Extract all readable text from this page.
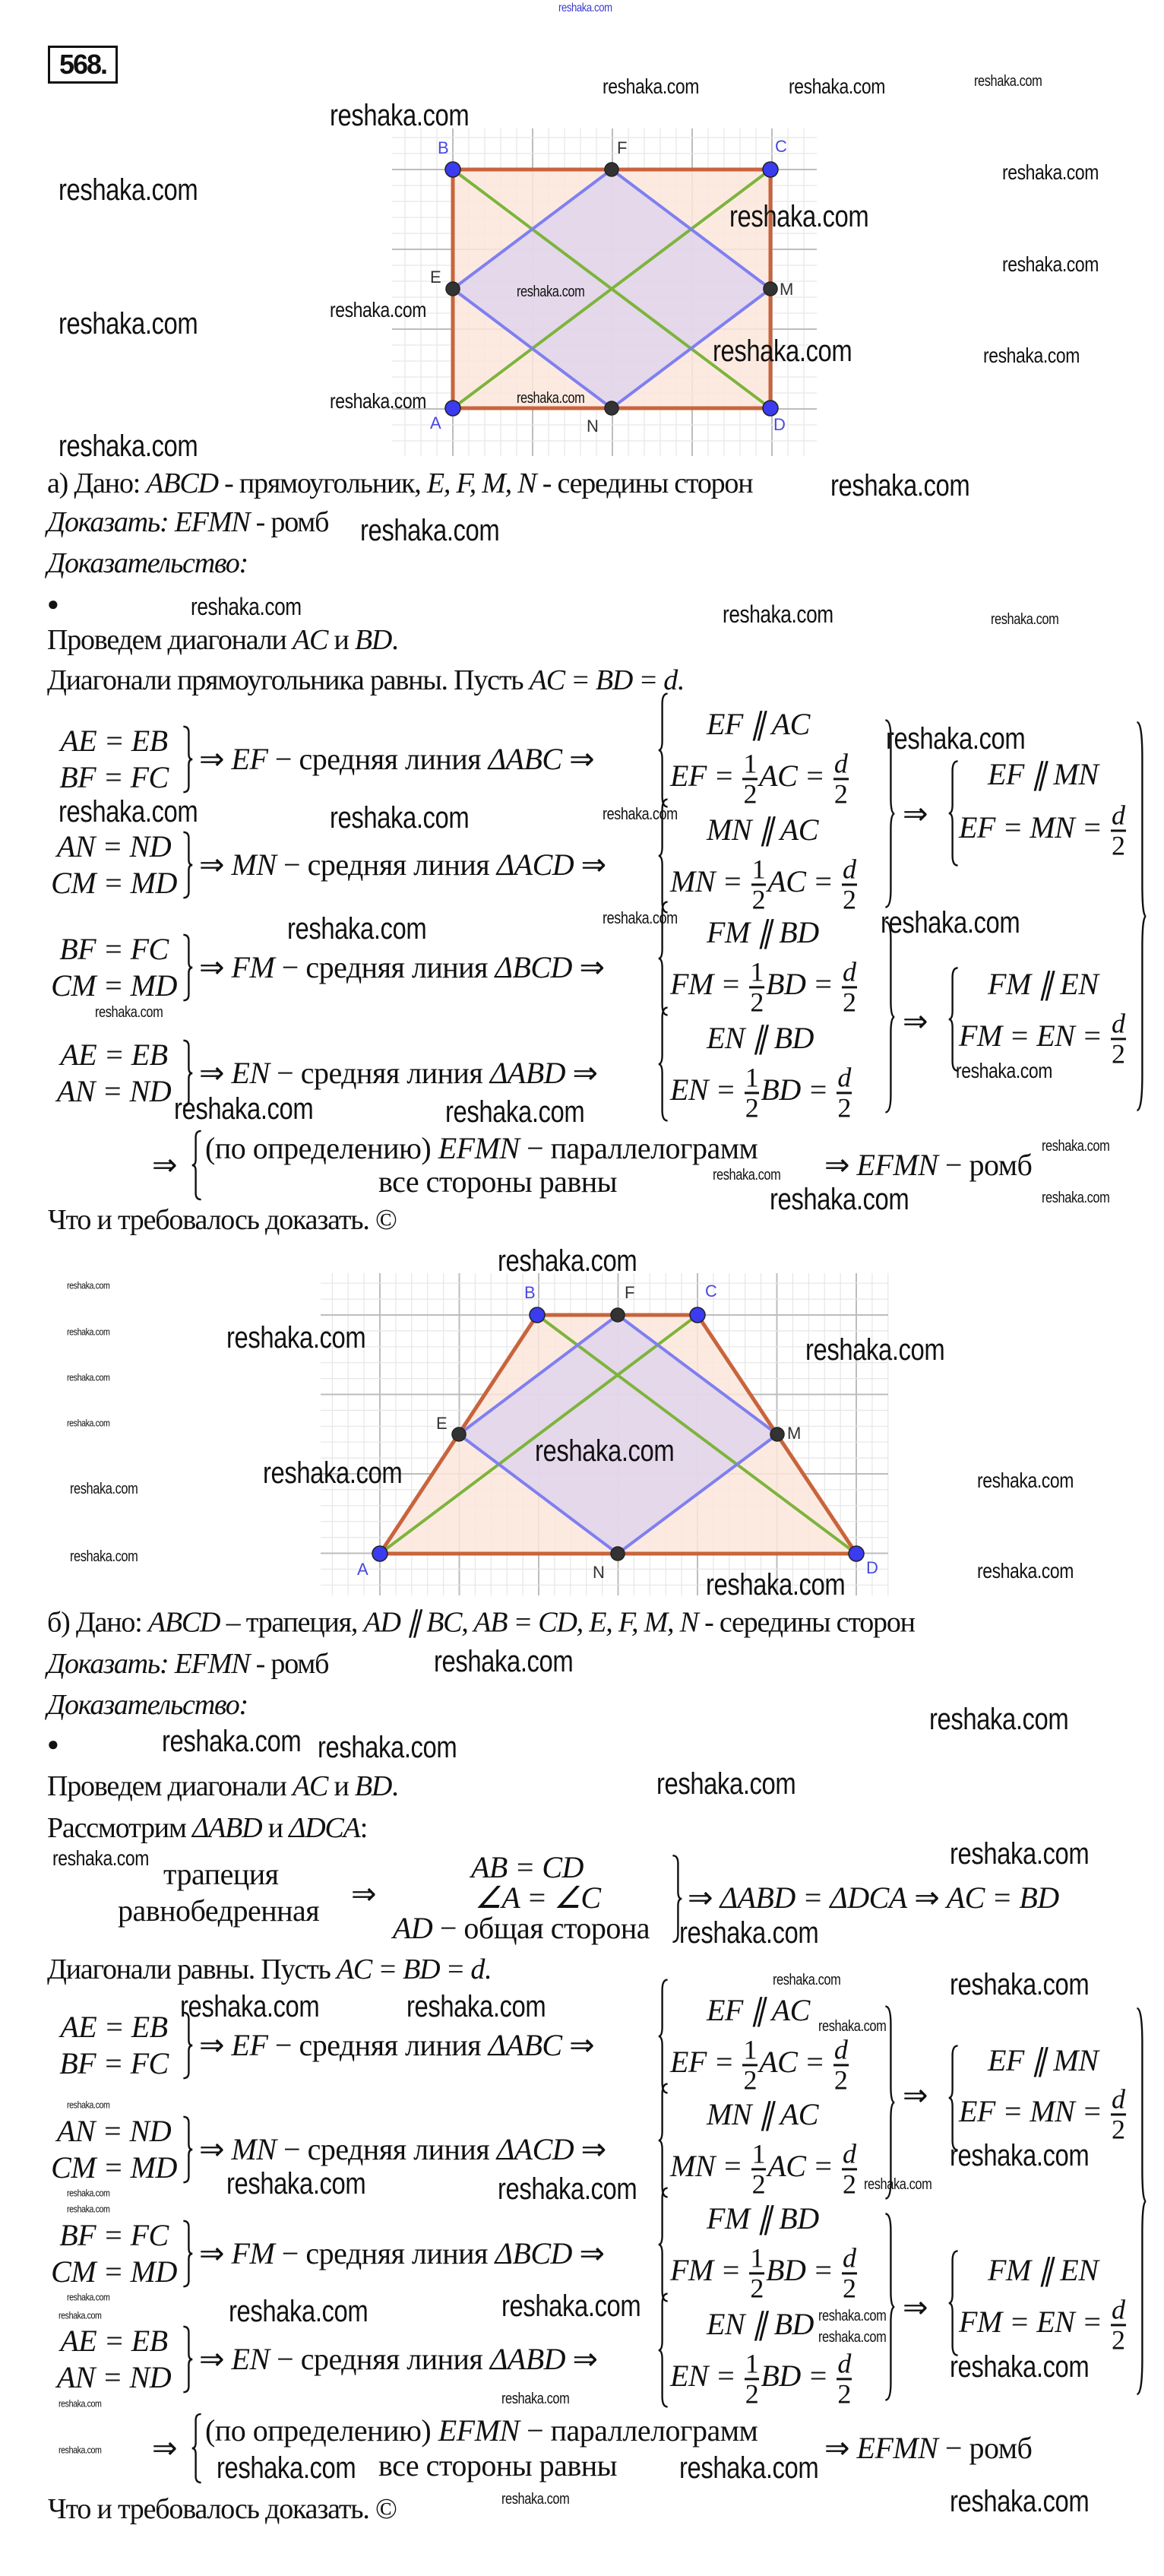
568.
A
B	C
D
E
F
M
N
A
B	C
D
E
F
M
N
а) Дано: ABCD - прямоугольник, E, F, M, N - середины сторон
Доказать: EFMN - ромб
Доказательство:
●
Проведем диагонали AC и BD.
Диагонали прямоугольника равны. Пусть AC = BD = d.
AE = EB
BF = FC
⇒ EF − средняя линия ΔABC ⇒
EF ∥ AC
EF = $\frac{1}{2}$ AC = $\frac{d}{2}$
AN = ND
CM = MD
⇒ MN − средняя линия ΔACD ⇒
MN ∥ AC
MN = $\frac{1}{2}$ AC = $\frac{d}{2}$
BF = FC
CM = MD
⇒ FM − средняя линия ΔBCD ⇒
FM ∥ BD
FM = $\frac{1}{2}$ BD = $\frac{d}{2}$
AE = EB
AN = ND
⇒ EN − средняя линия ΔABD ⇒
EN ∥ BD
EN = $\frac{1}{2}$ BD = $\frac{d}{2}$
⇒
EF ∥ MN
EF = MN = $\frac{d}{2}$
⇒
FM ∥ EN
FM = EN = $\frac{d}{2}$
⇒ (по определению) EFMN − параллелограмм
все стороны равны	⇒ EFMN − ромб
Что и требовалось доказать. ©
б) Дано: ABCD – трапеция, AD ∥ BC, AB = CD, E, F, M, N - середины сторон
Доказать: EFMN - ромб
Доказательство:
●
Проведем диагонали AC и BD.
Рассмотрим ΔABD и ΔDCA:
Диагонали равны. Пусть AC = BD = d.
AE = EB
BF = FC
⇒ EF − средняя линия ΔABC ⇒
EF ∥ AC
EF = $\frac{1}{2}$ AC = $\frac{d}{2}$
AN = ND
CM = MD
⇒ MN − средняя линия ΔACD ⇒
MN ∥ AC
MN = $\frac{1}{2}$ AC = $\frac{d}{2}$
BF = FC
CM = MD
⇒ FM − средняя линия ΔBCD ⇒
FM ∥ BD
FM = $\frac{1}{2}$ BD = $\frac{d}{2}$
AE = EB
AN = ND
⇒ EN − средняя линия ΔABD ⇒
EN ∥ BD
EN = $\frac{1}{2}$ BD = $\frac{d}{2}$
⇒
EF ∥ MN
EF = MN = $\frac{d}{2}$
⇒
FM ∥ EN
FM = EN = $\frac{d}{2}$
⇒
(по определению) EFMN − параллелограмм
все стороны равны
⇒ EFMN − ромб
Что и требовалось доказать. ©
трапеция
равнобедренная ⇒
AB = CD
∠A = ∠C
AD − общая сторона
⇒ ΔABD = ΔDCA ⇒ AC = BD
reshaka.com	reshaka.com	reshaka.com
reshaka.com
reshaka.com
reshaka.com
reshaka.com
reshaka.com
reshaka.com
reshaka.com
reshaka.com
reshaka.com	reshaka.com
reshaka.com	reshaka.com
reshaka.com
reshaka.com
reshaka.com
reshaka.com	reshaka.com
reshaka.com
reshaka.com	reshaka.com	reshaka.com
reshaka.com
reshaka.com	reshaka.com
reshaka.com
reshaka.com
reshaka.com
reshaka.com
reshaka.com	reshaka.com
reshaka.com
reshaka.com	reshaka.com
reshaka.com
reshaka.com
reshaka.com
reshaka.com
reshaka.com
reshaka.com	reshaka.com
reshaka.com
reshaka.com
reshaka.com	reshaka.com
reshaka.com
reshaka.com
reshaka.com
reshaka.com
reshaka.com
reshaka.com
reshaka.com
reshaka.com
reshaka.com
reshaka.com
reshaka.com
reshaka.com
reshaka.com	reshaka.com
reshaka.com
reshaka.com
reshaka.com
reshaka.com
reshaka.com	reshaka.com	reshaka.com
reshaka.com
reshaka.com
reshaka.com
reshaka.com
reshaka.com	reshaka.com	reshaka.com
reshaka.com
reshaka.com
reshaka.com
reshaka.com
reshaka.com
reshaka.com	reshaka.com
reshaka.com	reshaka.com
reshaka.com
